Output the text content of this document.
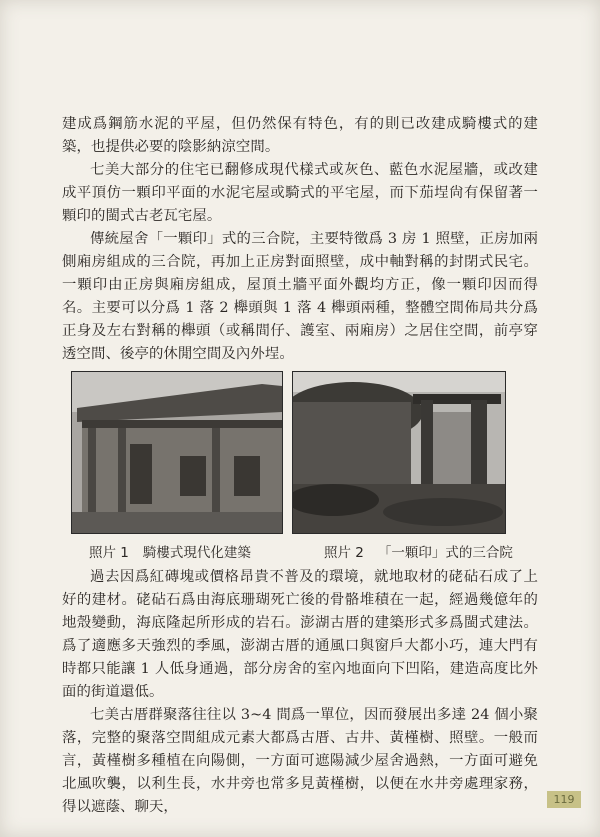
建成爲鋼筋水泥的平屋，但仍然保有特色，有的則已改建成騎樓式的建築，也提供必要的陰影納涼空間。

七美大部分的住宅已翻修成現代樣式或灰色、藍色水泥屋牆，或改建成平頂仿一顆印平面的水泥宅屋或騎式的平宅屋，而下茄埕尙有保留著一顆印的閩式古老瓦宅屋。

傳統屋舍「一顆印」式的三合院，主要特徵爲 3 房 1 照壁，正房加兩側廂房組成的三合院，再加上正房對面照壁，成中軸對稱的封閉式民宅。一顆印由正房與廂房組成，屋頂土牆平面外觀均方正，像一顆印因而得名。主要可以分爲 1 落 2 櫸頭與 1 落 4 櫸頭兩種，整體空間佈局共分爲正身及左右對稱的櫸頭（或稱間仔、護室、兩廂房）之居住空間，前亭穿透空間、後亭的休閒空間及內外埕。

照片 1 騎樓式現代化建築	照片 2 「一顆印」式的三合院

過去因爲紅磚塊或價格昂貴不普及的環境，就地取材的硓砧石成了上好的建材。硓砧石爲由海底珊瑚死亡後的骨骼堆積在一起，經過幾億年的地殼變動，海底隆起所形成的岩石。澎湖古厝的建築形式多爲閩式建法。爲了適應多天強烈的季風，澎湖古厝的通風口與窗戶大都小巧，連大門有時都只能讓 1 人低身通過，部分房舍的室內地面向下凹陷，建造高度比外面的街道還低。

七美古厝群聚落往往以 3~4 間爲一單位，因而發展出多達 24 個小聚落，完整的聚落空間組成元素大都爲古厝、古井、黃槿樹、照壁。一般而言，黃槿樹多種植在向陽側，一方面可遮陽減少屋舍過熱，一方面可避免北風吹襲，以利生長，水井旁也常多見黃槿樹，以便在水井旁處理家務，得以遮蔭、聊天，	119
